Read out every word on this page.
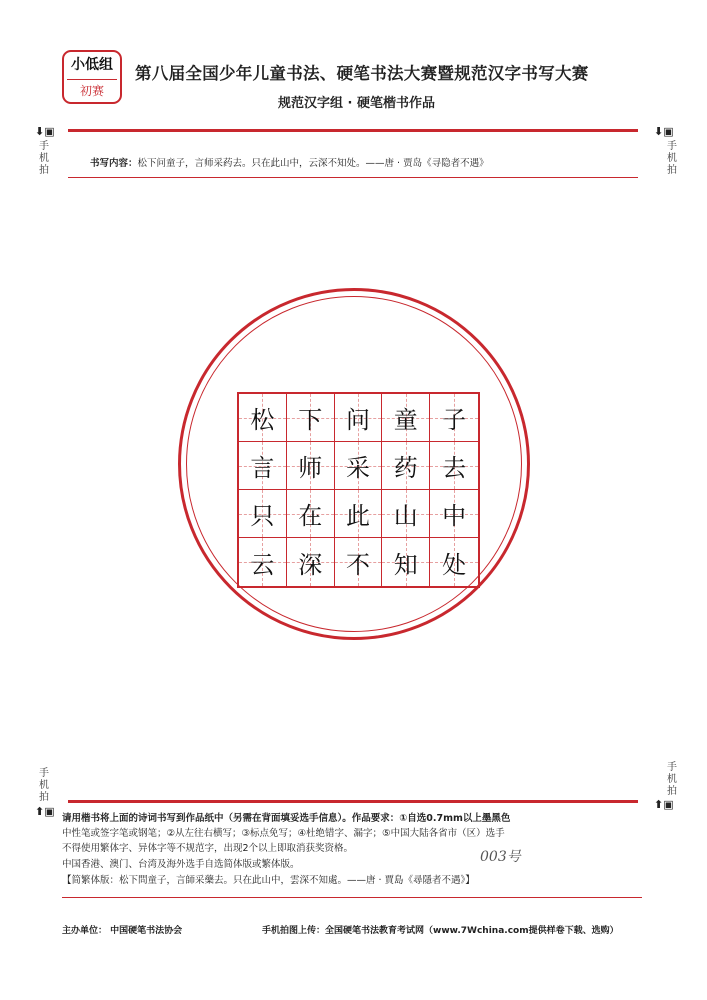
小低组
初赛
第八届全国少年儿童书法、硬笔书法大赛暨规范汉字书写大赛
规范汉字组 · 硬笔楷书作品
⬇▣
手机拍
⬇▣
手机拍
书写内容：松下问童子，言师采药去。只在此山中，云深不知处。——唐 · 贾岛《寻隐者不遇》
松 下 问 童 子
言 师 采 药 去
只 在 此 山 中
云 深 不 知 处
手机拍
⬆▣
手机拍
⬆▣
请用楷书将上面的诗词书写到作品纸中（另需在背面填妥选手信息）。作品要求：①自选0.7mm以上墨黑色
中性笔或签字笔或钢笔；②从左往右横写；③标点免写；④杜绝错字、漏字；⑤中国大陆各省市（区）选手
不得使用繁体字、异体字等不规范字，出现2个以上即取消获奖资格。
中国香港、澳门、台湾及海外选手自选简体版或繁体版。
【简繁体版：松下問童子，言師采藥去。只在此山中，雲深不知處。——唐 · 賈島《尋隱者不遇》】
003号
主办单位： 中国硬笔书法协会	手机拍图上传：全国硬笔书法教育考试网（www.7Wchina.com提供样卷下载、选购）
